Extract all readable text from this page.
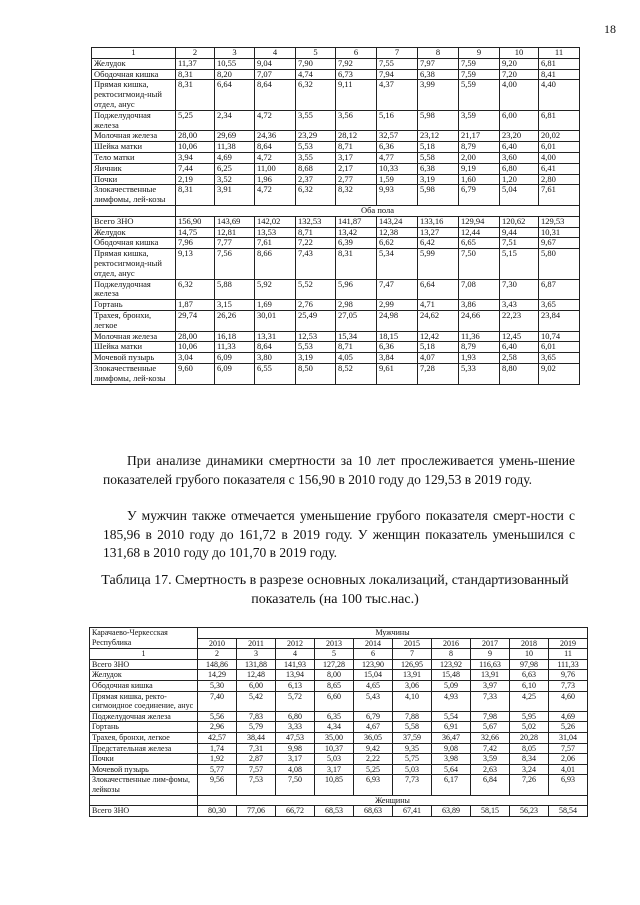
18
1	2	3	4	5	6	7	8	9	10	11
Желудок	11,37	10,55	9,04	7,90	7,92	7,55	7,97	7,59	9,20	6,81
Ободочная кишка	8,31	8,20	7,07	4,74	6,73	7,94	6,38	7,59	7,20	8,41
Прямая кишка, ректосигмоид-ный отдел, анус	8,31	6,64	8,64	6,32	9,11	4,37	3,99	5,59	4,00	4,40
Поджелудочная железа	5,25	2,34	4,72	3,55	3,56	5,16	5,98	3,59	6,00	6,81
Молочная железа	28,00	29,69	24,36	23,29	28,12	32,57	23,12	21,17	23,20	20,02
Шейка матки	10,06	11,38	8,64	5,53	8,71	6,36	5,18	8,79	6,40	6,01
Тело матки	3,94	4,69	4,72	3,55	3,17	4,77	5,58	2,00	3,60	4,00
Яичник	7,44	6,25	11,00	8,68	2,17	10,33	6,38	9,19	6,80	6,41
Почки	2,19	3,52	1,96	2,37	2,77	1,59	3,19	1,60	1,20	2,80
Злокачественные лимфомы, лей-козы	8,31	3,91	4,72	6,32	8,32	9,93	5,98	6,79	5,04	7,61
	Оба пола									
Всего ЗНО	156,90	143,69	142,02	132,53	141,87	143,24	133,16	129,94	120,62	129,53
Желудок	14,75	12,81	13,53	8,71	13,42	12,38	13,27	12,44	9,44	10,31
Ободочная кишка	7,96	7,77	7,61	7,22	6,39	6,62	6,42	6,65	7,51	9,67
Прямая кишка, ректосигмоид-ный отдел, анус	9,13	7,56	8,66	7,43	8,31	5,34	5,99	7,50	5,15	5,80
Поджелудочная железа	6,32	5,88	5,92	5,52	5,96	7,47	6,64	7,08	7,30	6,87
Гортань	1,87	3,15	1,69	2,76	2,98	2,99	4,71	3,86	3,43	3,65
Трахея, бронхи, легкое	29,74	26,26	30,01	25,49	27,05	24,98	24,62	24,66	22,23	23,84
Молочная железа	28,00	16,18	13,31	12,53	15,34	18,15	12,42	11,36	12,45	10,74
Шейка матки	10,06	11,33	8,64	5,53	8,71	6,36	5,18	8,79	6,40	6,01
Мочевой пузырь	3,04	6,09	3,80	3,19	4,05	3,84	4,07	1,93	2,58	3,65
Злокачественные лимфомы, лей-козы	9,60	6,09	6,55	8,50	8,52	9,61	7,28	5,33	8,80	9,02

При анализе динамики смертности за 10 лет прослеживается умень-шение показателей грубого показателя с 156,90 в 2010 году до 129,53 в 2019 году.

У мужчин также отмечается уменьшение грубого показателя смерт-ности с 185,96 в 2010 году до 161,72 в 2019 году. У женщин показатель уменьшился с 131,68 в 2010 году до 101,70 в 2019 году.

Таблица 17. Смертность в разрезе основных локализаций, стандартизованный показатель (на 100 тыс.нас.)

Карачаево-Черкесская Республика	Мужчины									
	2010	2011	2012	2013	2014	2015	2016	2017	2018	2019
1	2	3	4	5	6	7	8	9	10	11
Всего ЗНО	148,86	131,88	141,93	127,28	123,90	126,95	123,92	116,63	97,98	111,33
Желудок	14,29	12,48	13,94	8,00	15,04	13,91	15,48	13,91	6,63	9,76
Ободочная кишка	5,30	6,00	6,13	8,65	4,65	3,06	5,09	3,97	6,10	7,73
Прямая кишка, ректо-сигмоидное соединение, анус	7,40	5,42	5,72	6,60	5,43	4,10	4,93	7,33	4,25	4,60
Поджелудочная железа	5,56	7,83	6,80	6,35	6,79	7,88	5,54	7,98	5,95	4,69
Гортань	2,96	5,79	3,33	4,34	4,67	5,58	6,91	5,67	5,02	5,26
Трахея, бронхи, легкое	42,57	38,44	47,53	35,00	36,05	37,59	36,47	32,66	20,28	31,04
Предстательная железа	1,74	7,31	9,98	10,37	9,42	9,35	9,08	7,42	8,05	7,57
Почки	1,92	2,87	3,17	5,03	2,22	5,75	3,98	3,59	8,34	2,06
Мочевой пузырь	5,77	7,57	4,08	3,17	5,25	5,03	5,64	2,63	3,24	4,01
Злокачественные лим-фомы, лейкозы	9,56	7,53	7,50	10,85	6,93	7,73	6,17	6,84	7,26	6,93
	Женщины									
Всего ЗНО	80,30	77,06	66,72	68,53	68,63	67,41	63,89	58,15	56,23	58,54
